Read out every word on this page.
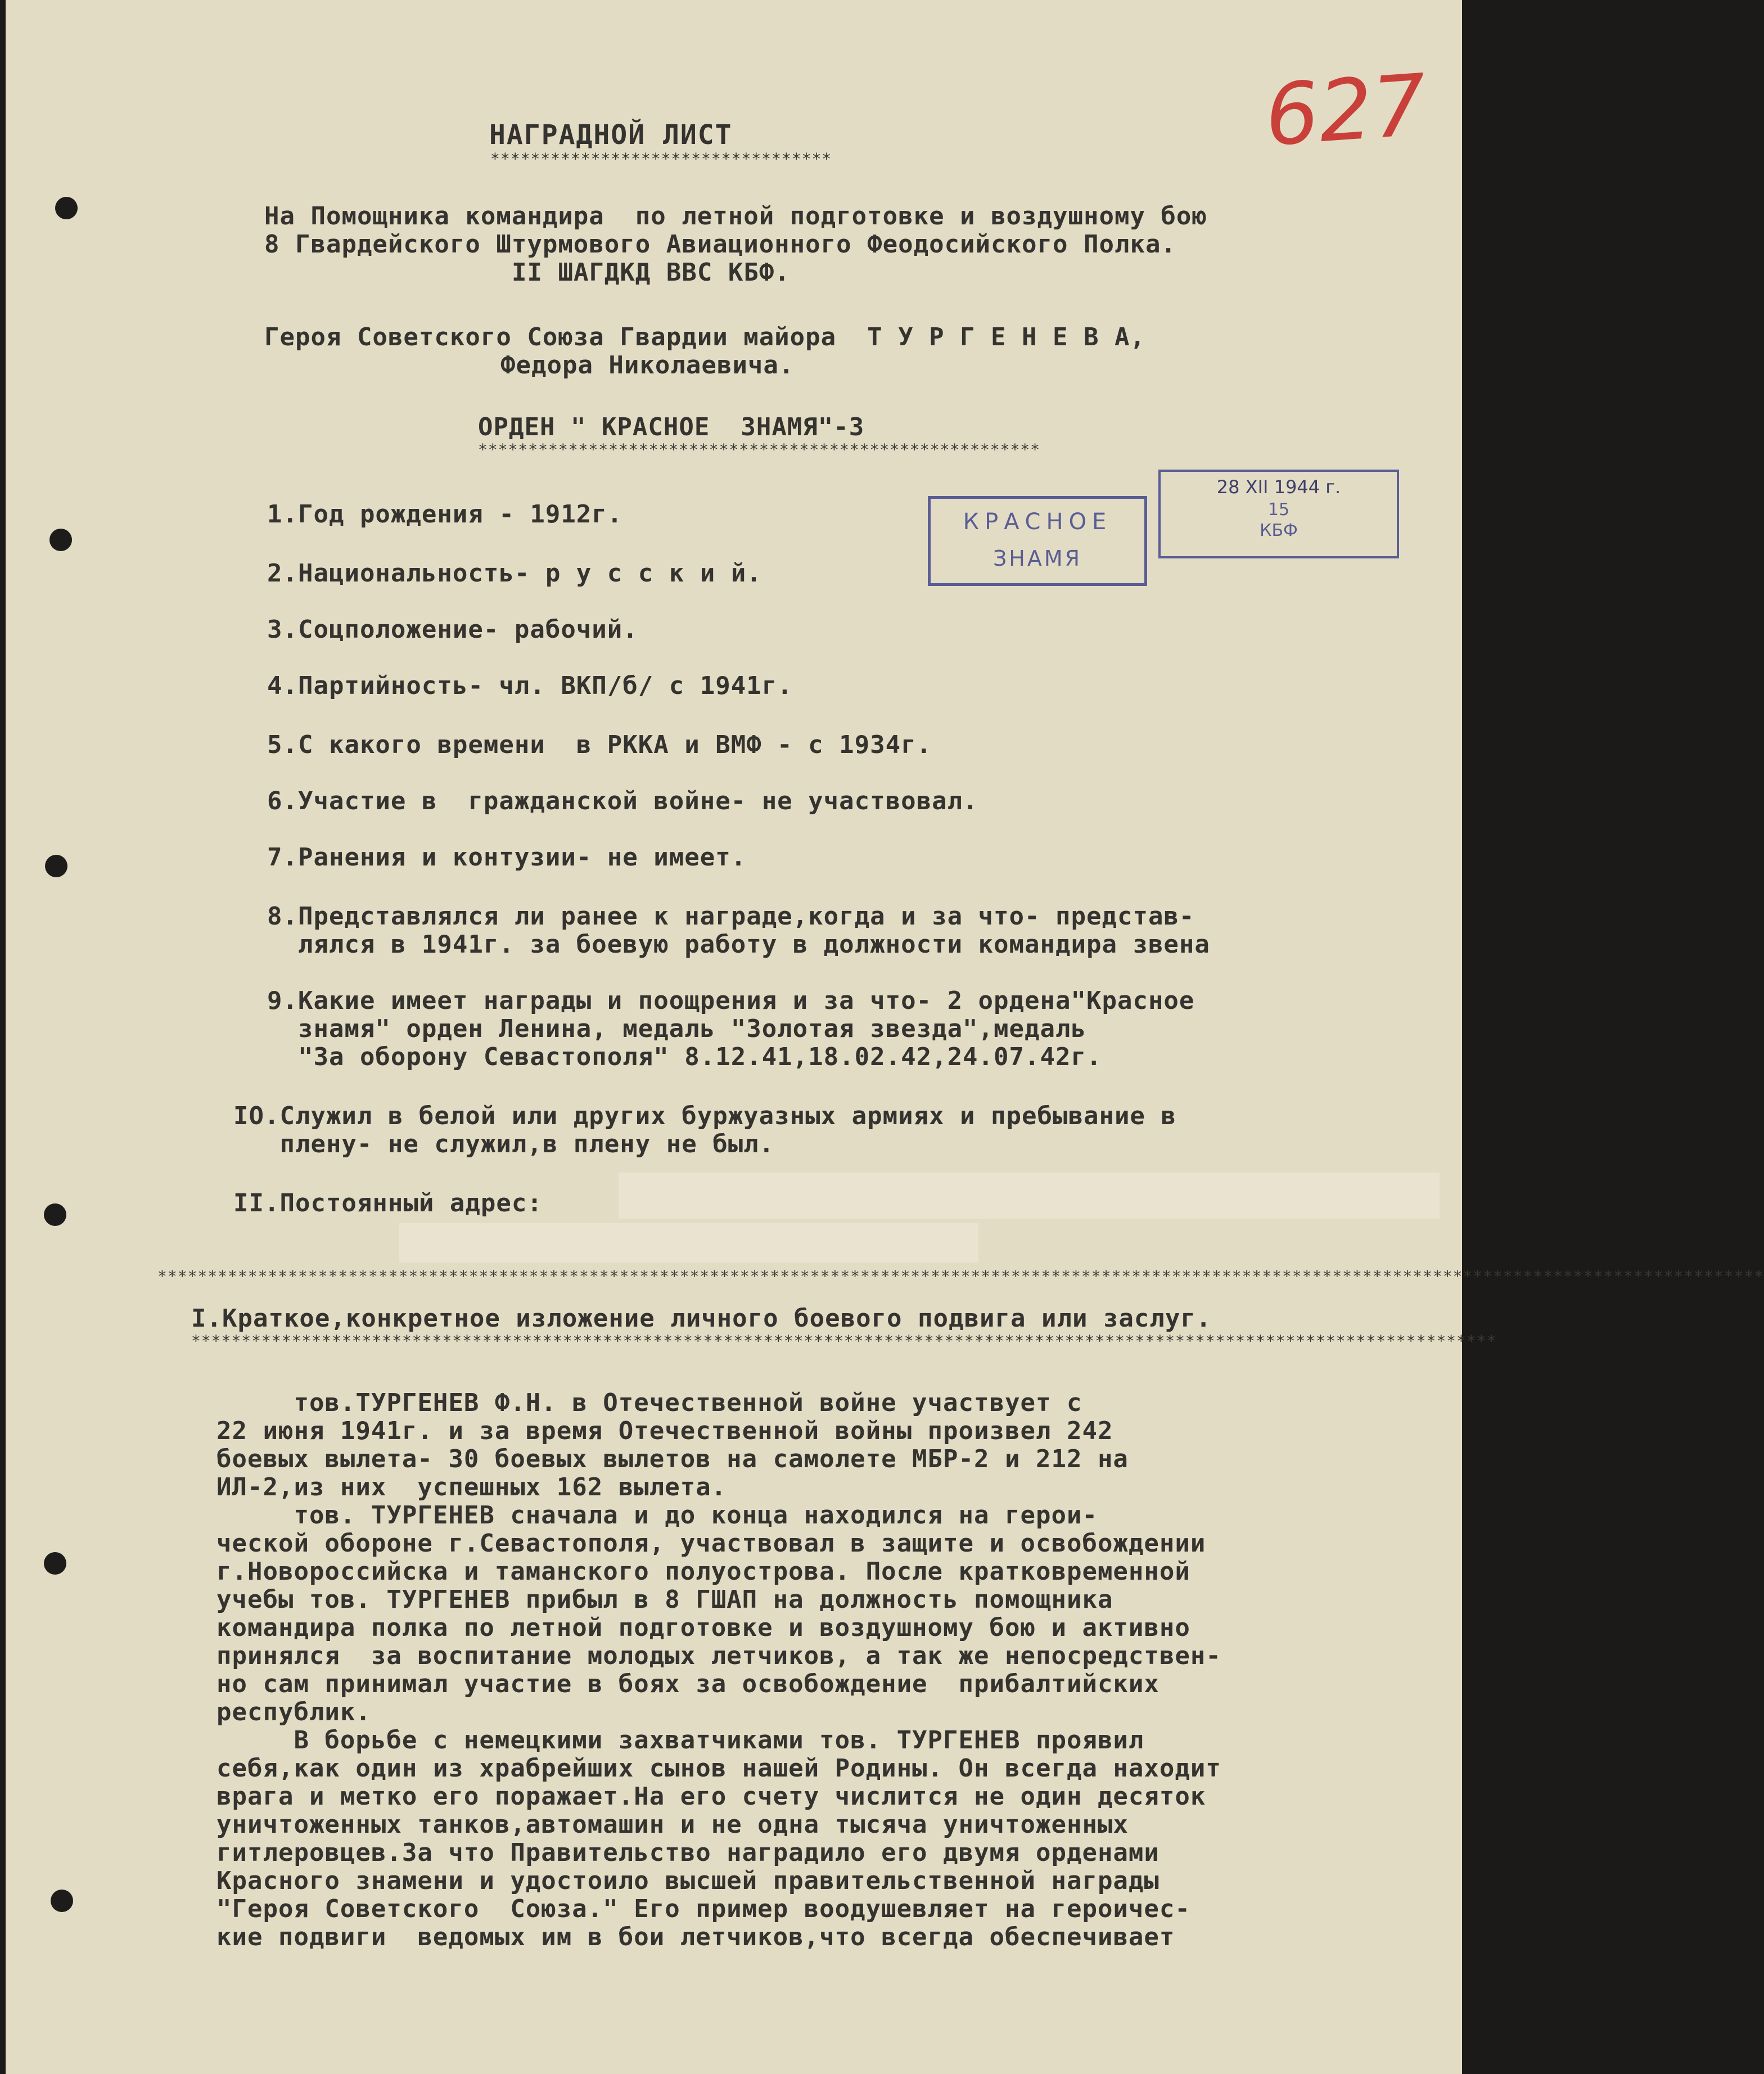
627
НАГРАДНОЙ ЛИСТ
**********************************
На Помощника командира  по летной подготовке и воздушному бою
8 Гвардейского Штурмового Авиационного Феодосийского Полка.
II ШАГДКД ВВС КБФ.
Героя Советского Союза Гвардии майора  Т У Р Г Е Н Е В А,
Федора Николаевича.
ОРДЕН " КРАСНОЕ  ЗНАМЯ"-3
********************************************************
КРАСНОЕ
ЗНАМЯ
28 XII 1944 г.
15
КБФ
1.Год рождения - 1912г.
2.Национальность- р у с с к и й.
3.Соцположение- рабочий.
4.Партийность- чл. ВКП/б/ с 1941г.
5.С какого времени  в РККА и ВМФ - с 1934г.
6.Участие в  гражданской войне- не участвовал.
7.Ранения и контузии- не имеет.
8.Представлялся ли ранее к награде,когда и за что- представ-
лялся в 1941г. за боевую работу в должности командира звена
9.Какие имеет награды и поощрения и за что- 2 ордена"Красное
знамя" орден Ленина, медаль "Золотая звезда",медаль
"За оборону Севастополя" 8.12.41,18.02.42,24.07.42г.
IO.Служил в белой или других буржуазных армиях и пребывание в
плену- не служил,в плену не был.
II.Постоянный адрес:
****************************************************************************************************************************************************************
I.Краткое,конкретное изложение личного боевого подвига или заслуг.
**********************************************************************************************************************************
тов.ТУРГЕНЕВ Ф.Н. в Отечественной войне участвует с
22 июня 1941г. и за время Отечественной войны произвел 242
боевых вылета- 30 боевых вылетов на самолете МБР-2 и 212 на
ИЛ-2,из них  успешных 162 вылета.
тов. ТУРГЕНЕВ сначала и до конца находился на герои-
ческой обороне г.Севастополя, участвовал в защите и освобождении
г.Новороссийска и таманского полуострова. После кратковременной
учебы тов. ТУРГЕНЕВ прибыл в 8 ГШАП на должность помощника
командира полка по летной подготовке и воздушному бою и активно
принялся  за воспитание молодых летчиков, а так же непосредствен-
но сам принимал участие в боях за освобождение  прибалтийских
республик.
В борьбе с немецкими захватчиками тов. ТУРГЕНЕВ проявил
себя,как один из храбрейших сынов нашей Родины. Он всегда находит
врага и метко его поражает.На его счету числится не один десяток
уничтоженных танков,автомашин и не одна тысяча уничтоженных
гитлеровцев.За что Правительство наградило его двумя орденами
Красного знамени и удостоило высшей правительственной награды
"Героя Советского  Союза." Его пример воодушевляет на героичес-
кие подвиги  ведомых им в бои летчиков,что всегда обеспечивает
